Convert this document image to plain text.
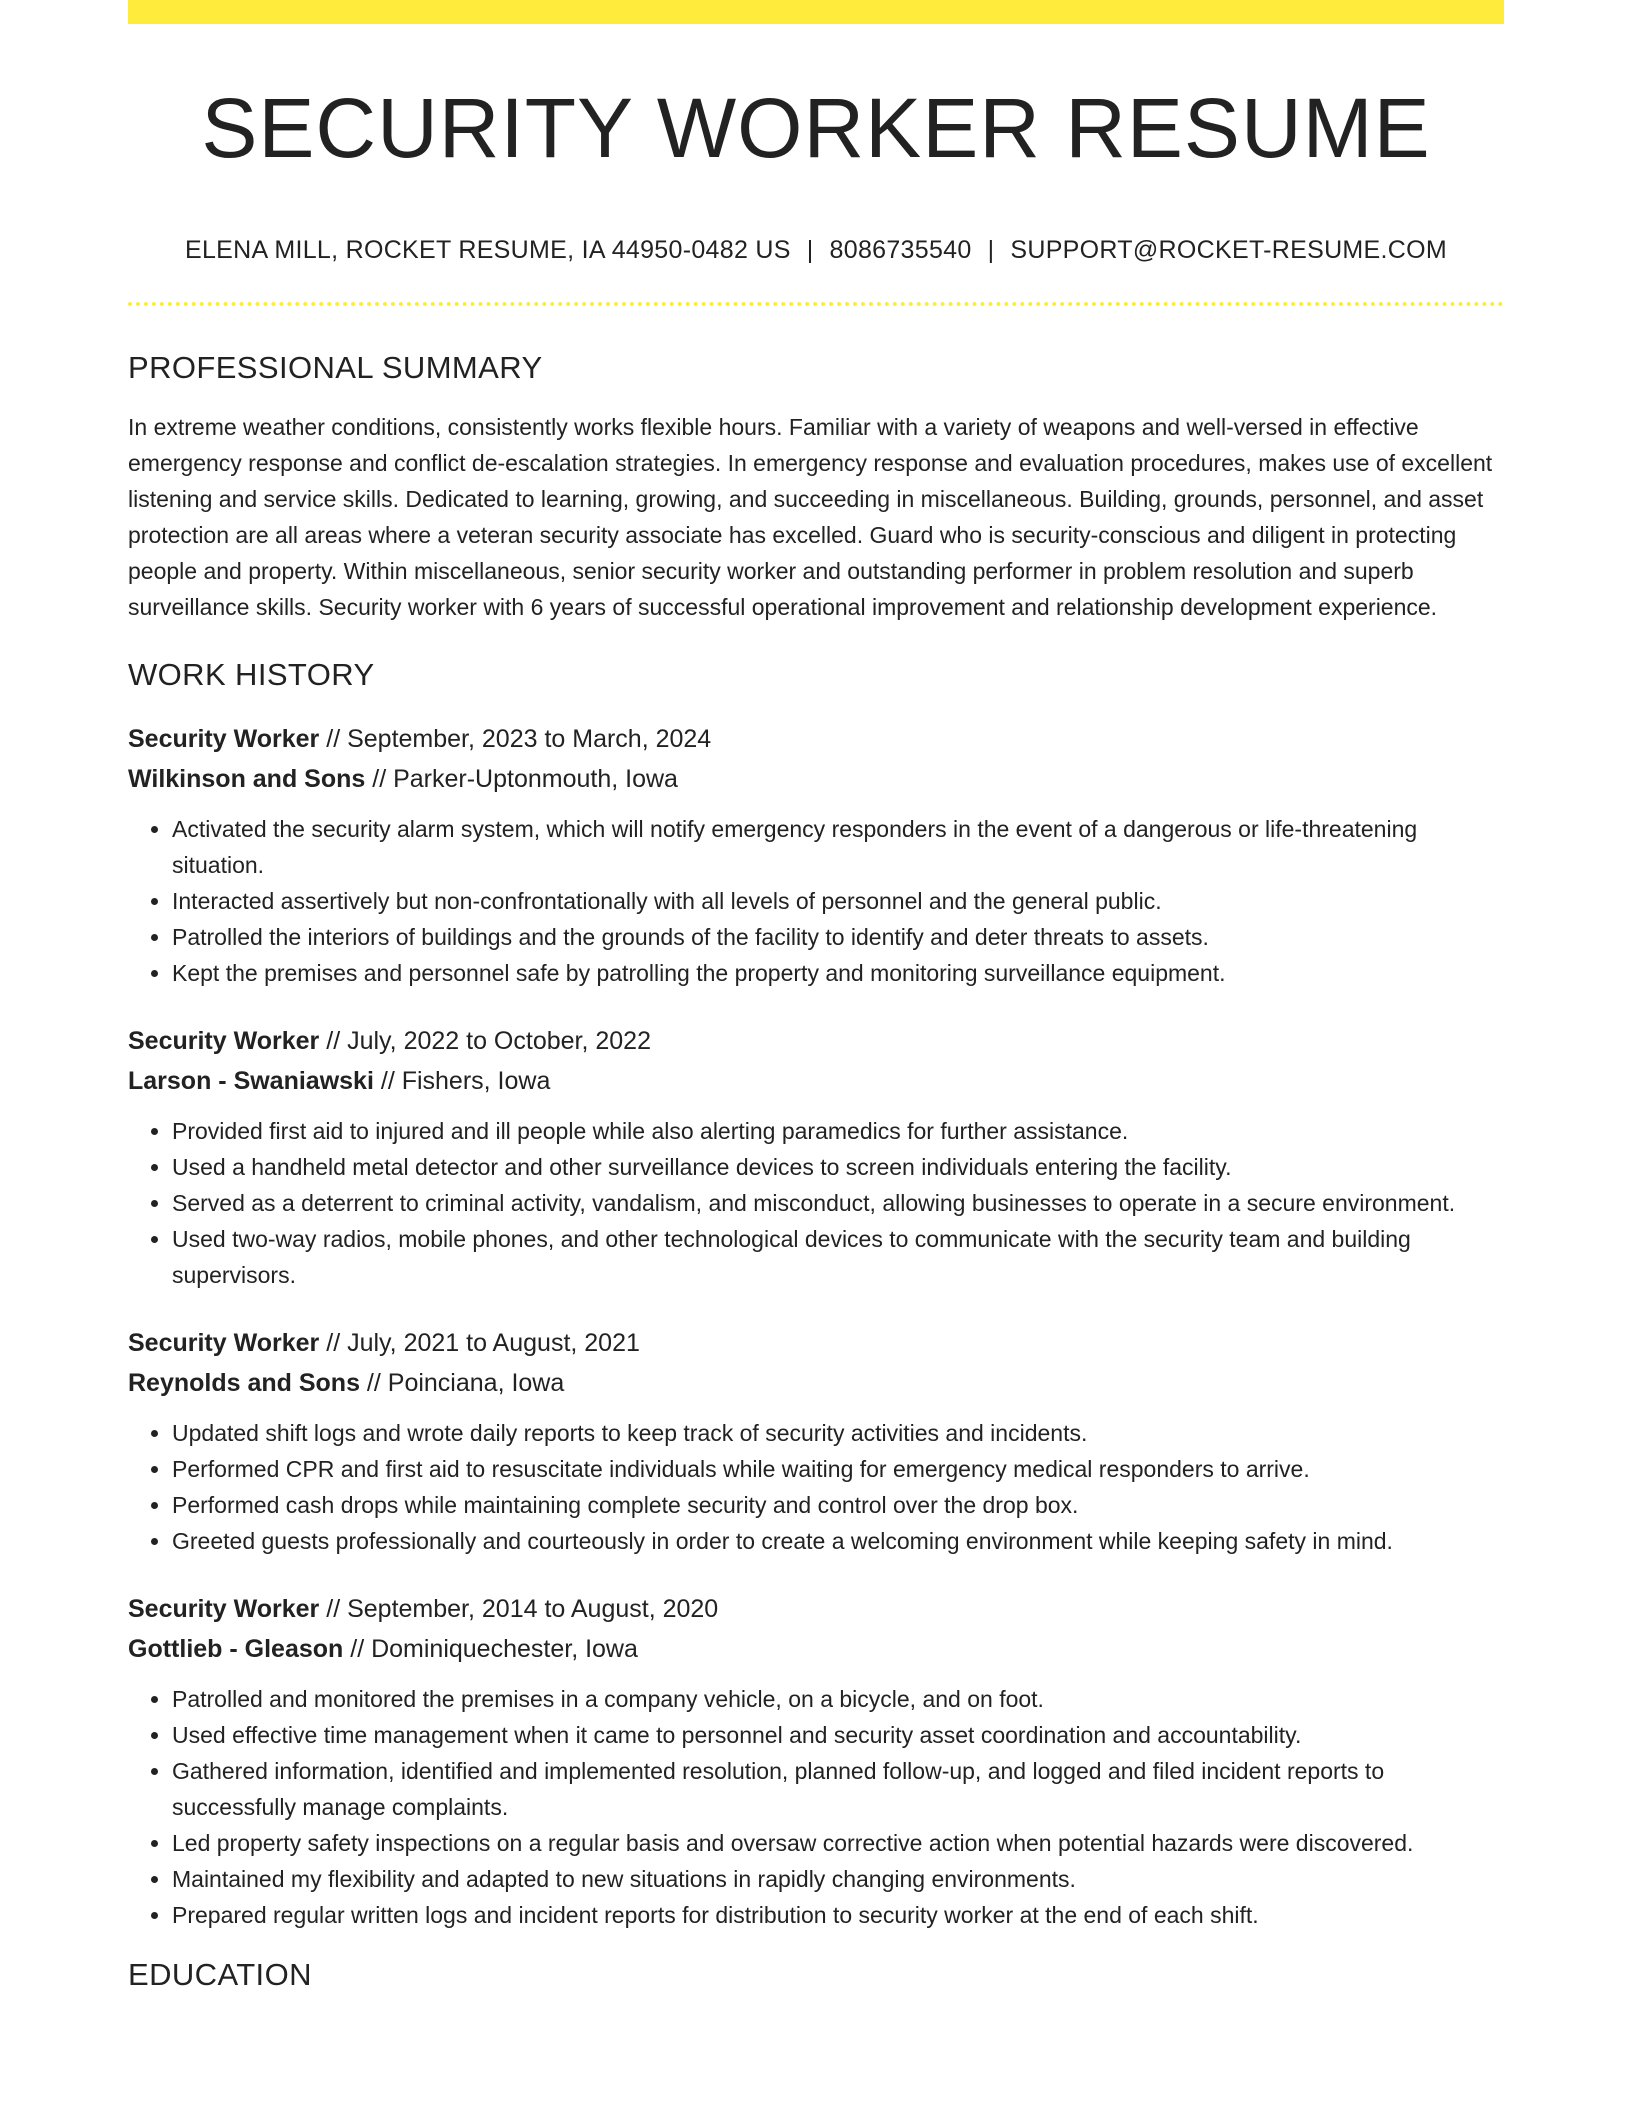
SECURITY WORKER RESUME
ELENA MILL, ROCKET RESUME, IA 44950-0482 US | 8086735540 | SUPPORT@ROCKET-RESUME.COM
PROFESSIONAL SUMMARY

In extreme weather conditions, consistently works flexible hours. Familiar with a variety of weapons and well-versed in effective emergency response and conflict de-escalation strategies. In emergency response and evaluation procedures, makes use of excellent listening and service skills. Dedicated to learning, growing, and succeeding in miscellaneous. Building, grounds, personnel, and asset protection are all areas where a veteran security associate has excelled. Guard who is security-conscious and diligent in protecting people and property. Within miscellaneous, senior security worker and outstanding performer in problem resolution and superb surveillance skills. Security worker with 6 years of successful operational improvement and relationship development experience.

WORK HISTORY
Security Worker // September, 2023 to March, 2024
Wilkinson and Sons // Parker-Uptonmouth, Iowa
• Activated the security alarm system, which will notify emergency responders in the event of a dangerous or life-threatening situation.
• Interacted assertively but non-confrontationally with all levels of personnel and the general public.
• Patrolled the interiors of buildings and the grounds of the facility to identify and deter threats to assets.
• Kept the premises and personnel safe by patrolling the property and monitoring surveillance equipment.
Security Worker // July, 2022 to October, 2022
Larson - Swaniawski // Fishers, Iowa
• Provided first aid to injured and ill people while also alerting paramedics for further assistance.
• Used a handheld metal detector and other surveillance devices to screen individuals entering the facility.
• Served as a deterrent to criminal activity, vandalism, and misconduct, allowing businesses to operate in a secure environment.
• Used two-way radios, mobile phones, and other technological devices to communicate with the security team and building supervisors.
Security Worker // July, 2021 to August, 2021
Reynolds and Sons // Poinciana, Iowa
• Updated shift logs and wrote daily reports to keep track of security activities and incidents.
• Performed CPR and first aid to resuscitate individuals while waiting for emergency medical responders to arrive.
• Performed cash drops while maintaining complete security and control over the drop box.
• Greeted guests professionally and courteously in order to create a welcoming environment while keeping safety in mind.
Security Worker // September, 2014 to August, 2020
Gottlieb - Gleason // Dominiquechester, Iowa
• Patrolled and monitored the premises in a company vehicle, on a bicycle, and on foot.
• Used effective time management when it came to personnel and security asset coordination and accountability.
• Gathered information, identified and implemented resolution, planned follow-up, and logged and filed incident reports to successfully manage complaints.
• Led property safety inspections on a regular basis and oversaw corrective action when potential hazards were discovered.
• Maintained my flexibility and adapted to new situations in rapidly changing environments.
• Prepared regular written logs and incident reports for distribution to security worker at the end of each shift.
EDUCATION
